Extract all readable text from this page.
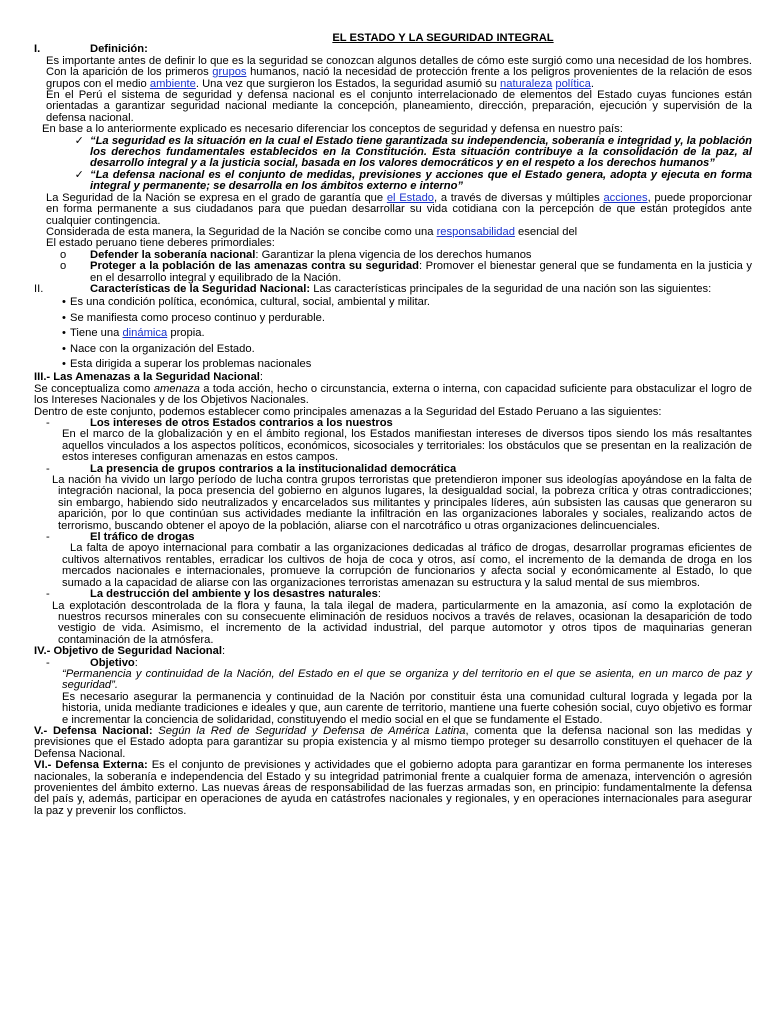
EL ESTADO Y LA SEGURIDAD INTEGRAL
I.	Definición:
Es importante antes de definir lo que es la seguridad se conozcan algunos detalles de cómo este surgió como una necesidad de los hombres. Con la aparición de los primeros grupos humanos, nació la necesidad de protección frente a los peligros provenientes de la relación de esos grupos con el medio ambiente. Una vez que surgieron los Estados, la seguridad asumió su naturaleza política.
En el Perú el sistema de seguridad y defensa nacional es el conjunto interrelacionado de elementos del Estado cuyas funciones están orientadas a garantizar seguridad nacional mediante la concepción, planeamiento, dirección, preparación, ejecución y supervisión de la defensa nacional.
En base a lo anteriormente explicado es necesario diferenciar los conceptos de seguridad y defensa en nuestro país:
✓ “La seguridad es la situación en la cual el Estado tiene garantizada su independencia, soberanía e integridad y, la población los derechos fundamentales establecidos en la Constitución. Esta situación contribuye a la consolidación de la paz, al desarrollo integral y a la justicia social, basada en los valores democráticos y en el respeto a los derechos humanos”
✓ “La defensa nacional es el conjunto de medidas, previsiones y acciones que el Estado genera, adopta y ejecuta en forma integral y permanente; se desarrolla en los ámbitos externo e interno”
La Seguridad de la Nación se expresa en el grado de garantía que el Estado, a través de diversas y múltiples acciones, puede proporcionar en forma permanente a sus ciudadanos para que puedan desarrollar su vida cotidiana con la percepción de que están protegidos ante cualquier contingencia.
Considerada de esta manera, la Seguridad de la Nación se concibe como una responsabilidad esencial del
El estado peruano tiene deberes primordiales:
o	Defender la soberanía nacional: Garantizar la plena vigencia de los derechos humanos
o	Proteger a la población de las amenazas contra su seguridad: Promover el bienestar general que se fundamenta en la justicia y en el desarrollo integral y equilibrado de la Nación.
II.	Características de la Seguridad Nacional: Las características principales de la seguridad de una nación son las siguientes:
• Es una condición política, económica, cultural, social, ambiental y militar.
• Se manifiesta como proceso continuo y perdurable.
• Tiene una dinámica propia.
• Nace con la organización del Estado.
• Esta dirigida a superar los problemas nacionales
III.- Las Amenazas a la Seguridad Nacional:
Se conceptualiza como amenaza a toda acción, hecho o circunstancia, externa o interna, con capacidad suficiente para obstaculizar el logro de los Intereses Nacionales y de los Objetivos Nacionales.
Dentro de este conjunto, podemos establecer como principales amenazas a la Seguridad del Estado Peruano a las siguientes:
-	Los intereses de otros Estados contrarios a los nuestros
En el marco de la globalización y en el ámbito regional, los Estados manifiestan intereses de diversos tipos siendo los más resaltantes aquellos vinculados a los aspectos políticos, económicos, sicosociales y territoriales: los obstáculos que se presentan en la realización de estos intereses configuran amenazas en estos campos.
-	La presencia de grupos contrarios a la institucionalidad democrática
La nación ha vivido un largo período de lucha contra grupos terroristas que pretendieron imponer sus ideologías apoyándose en la falta de integración nacional, la poca presencia del gobierno en algunos lugares, la desigualdad social, la pobreza crítica y otras contradicciones; sin embargo, habiendo sido neutralizados y encarcelados sus militantes y principales líderes, aún subsisten las causas que generaron su aparición, por lo que continúan sus actividades mediante la infiltración en las organizaciones laborales y sociales, realizando actos de terrorismo, buscando obtener el apoyo de la población, aliarse con el narcotráfico u otras organizaciones delincuenciales.
-	El tráfico de drogas
La falta de apoyo internacional para combatir a las organizaciones dedicadas al tráfico de drogas, desarrollar programas eficientes de cultivos alternativos rentables, erradicar los cultivos de hoja de coca y otros, así como, el incremento de la demanda de droga en los mercados nacionales e internacionales, promueve la corrupción de funcionarios y afecta social y económicamente al Estado, lo que sumado a la capacidad de aliarse con las organizaciones terroristas amenazan su estructura y la salud mental de sus miembros.
-	La destrucción del ambiente y los desastres naturales:
La explotación descontrolada de la flora y fauna, la tala ilegal de madera, particularmente en la amazonia, así como la explotación de nuestros recursos minerales con su consecuente eliminación de residuos nocivos a través de relaves, ocasionan la desaparición de todo vestigio de vida. Asimismo, el incremento de la actividad industrial, del parque automotor y otros tipos de maquinarias generan contaminación de la atmósfera.
IV.- Objetivo de Seguridad Nacional:
-	Objetivo:
“Permanencia y continuidad de la Nación, del Estado en el que se organiza y del territorio en el que se asienta, en un marco de paz y seguridad”.
Es necesario asegurar la permanencia y continuidad de la Nación por constituir ésta una comunidad cultural lograda y legada por la historia, unida mediante tradiciones e ideales y que, aun carente de territorio, mantiene una fuerte cohesión social, cuyo objetivo es formar e incrementar la conciencia de solidaridad, constituyendo el medio social en el que se fundamente el Estado.
V.- Defensa Nacional: Según la Red de Seguridad y Defensa de América Latina, comenta que la defensa nacional son las medidas y previsiones que el Estado adopta para garantizar su propia existencia y al mismo tiempo proteger su desarrollo constituyen el quehacer de la Defensa Nacional.
VI.- Defensa Externa: Es el conjunto de previsiones y actividades que el gobierno adopta para garantizar en forma permanente los intereses nacionales, la soberanía e independencia del Estado y su integridad patrimonial frente a cualquier forma de amenaza, intervención o agresión provenientes del ámbito externo. Las nuevas áreas de responsabilidad de las fuerzas armadas son, en principio: fundamentalmente la defensa del país y, además, participar en operaciones de ayuda en catástrofes nacionales y regionales, y en operaciones internacionales para asegurar la paz y prevenir los conflictos.
